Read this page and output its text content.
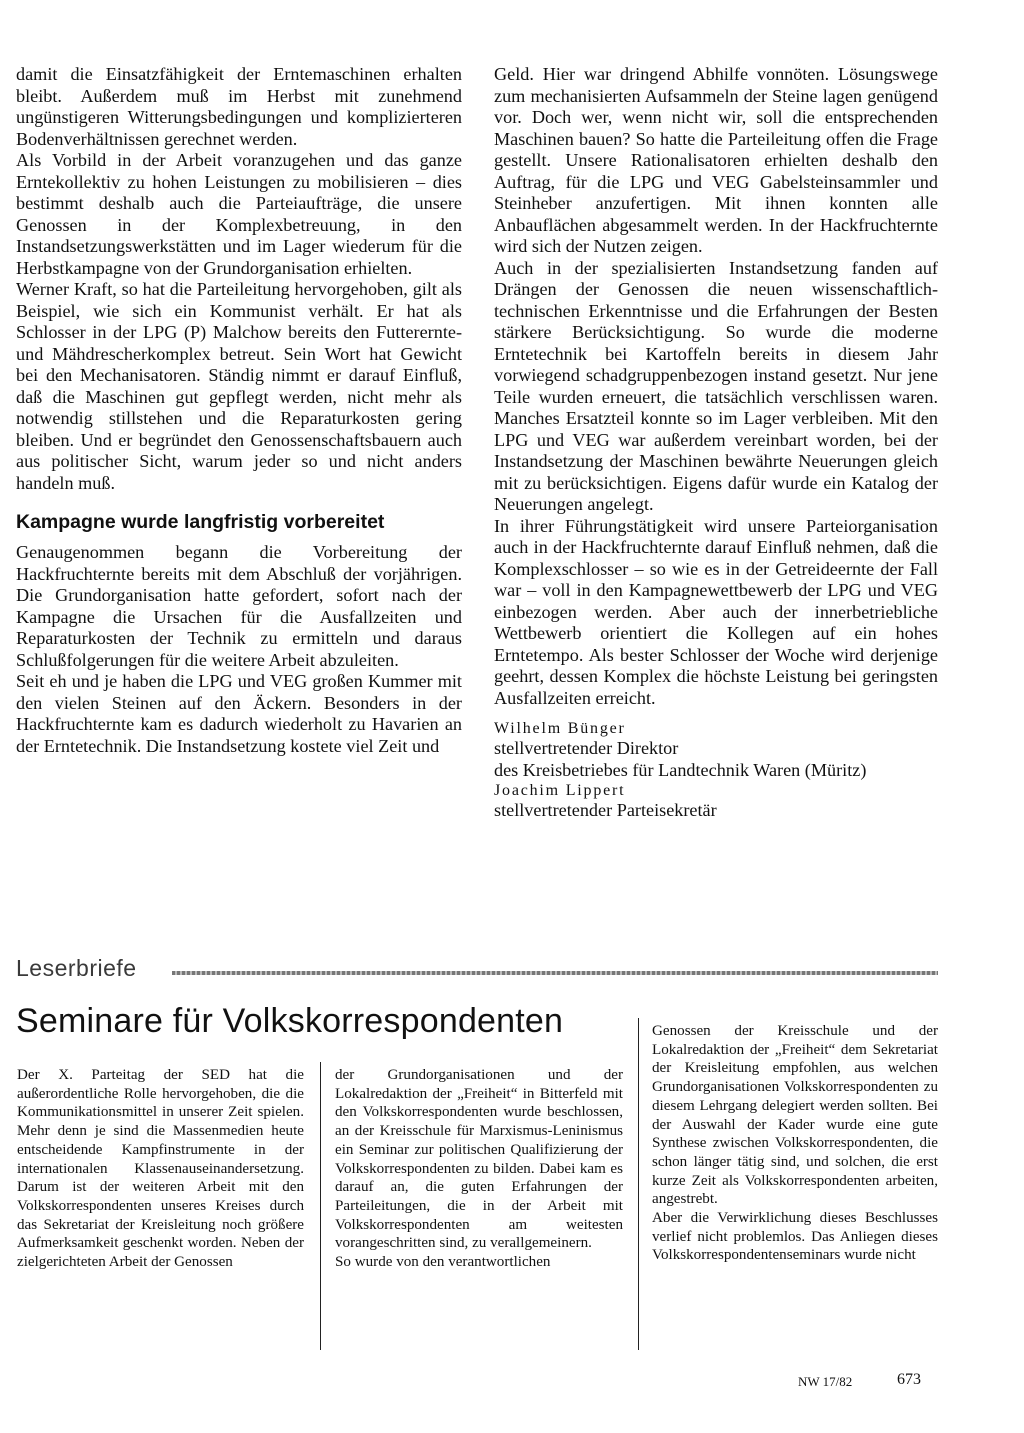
damit die Einsatzfähigkeit der Erntemaschinen erhalten bleibt. Außerdem muß im Herbst mit zunehmend ungünstigeren Witterungsbedingungen und komplizierteren Bodenverhältnissen gerechnet werden.

Als Vorbild in der Arbeit voranzugehen und das ganze Erntekollektiv zu hohen Leistungen zu mobilisieren – dies bestimmt deshalb auch die Parteiaufträge, die unsere Genossen in der Komplexbetreuung, in den Instandsetzungswerkstätten und im Lager wiederum für die Herbstkampagne von der Grundorganisation erhielten.

Werner Kraft, so hat die Parteileitung hervorgehoben, gilt als Beispiel, wie sich ein Kommunist verhält. Er hat als Schlosser in der LPG (P) Malchow bereits den Futterernte- und Mähdrescherkomplex betreut. Sein Wort hat Gewicht bei den Mechanisatoren. Ständig nimmt er darauf Einfluß, daß die Maschinen gut gepflegt werden, nicht mehr als notwendig stillstehen und die Reparaturkosten gering bleiben. Und er begründet den Genossenschaftsbauern auch aus politischer Sicht, warum jeder so und nicht anders handeln muß.

Kampagne wurde langfristig vorbereitet

Genaugenommen begann die Vorbereitung der Hackfruchternte bereits mit dem Abschluß der vorjährigen. Die Grundorganisation hatte gefordert, sofort nach der Kampagne die Ursachen für die Ausfallzeiten und Reparaturkosten der Technik zu ermitteln und daraus Schlußfolgerungen für die weitere Arbeit abzuleiten.

Seit eh und je haben die LPG und VEG großen Kummer mit den vielen Steinen auf den Äckern. Besonders in der Hackfruchternte kam es dadurch wiederholt zu Havarien an der Erntetechnik. Die Instandsetzung kostete viel Zeit und

Geld. Hier war dringend Abhilfe vonnöten. Lösungswege zum mechanisierten Aufsammeln der Steine lagen genügend vor. Doch wer, wenn nicht wir, soll die entsprechenden Maschinen bauen? So hatte die Parteileitung offen die Frage gestellt. Unsere Rationalisatoren erhielten deshalb den Auftrag, für die LPG und VEG Gabelsteinsammler und Steinheber anzufertigen. Mit ihnen konnten alle Anbauflächen abgesammelt werden. In der Hackfruchternte wird sich der Nutzen zeigen.

Auch in der spezialisierten Instandsetzung fanden auf Drängen der Genossen die neuen wissenschaftlich-technischen Erkenntnisse und die Erfahrungen der Besten stärkere Berücksichtigung. So wurde die moderne Erntetechnik bei Kartoffeln bereits in diesem Jahr vorwiegend schadgruppenbezogen instand gesetzt. Nur jene Teile wurden erneuert, die tatsächlich verschlissen waren. Manches Ersatzteil konnte so im Lager verbleiben. Mit den LPG und VEG war außerdem vereinbart worden, bei der Instandsetzung der Maschinen bewährte Neuerungen gleich mit zu berücksichtigen. Eigens dafür wurde ein Katalog der Neuerungen angelegt.

In ihrer Führungstätigkeit wird unsere Parteiorganisation auch in der Hackfruchternte darauf Einfluß nehmen, daß die Komplexschlosser – so wie es in der Getreideernte der Fall war – voll in den Kampagnewettbewerb der LPG und VEG einbezogen werden. Aber auch der innerbetriebliche Wettbewerb orientiert die Kollegen auf ein hohes Erntetempo. Als bester Schlosser der Woche wird derjenige geehrt, dessen Komplex die höchste Leistung bei geringsten Ausfallzeiten erreicht.

Wilhelm Bünger

stellvertretender Direktor

des Kreisbetriebes für Landtechnik Waren (Müritz)

Joachim Lippert

stellvertretender Parteisekretär

Leserbriefe
Seminare für Volkskorrespondenten

Der X. Parteitag der SED hat die außerordentliche Rolle hervorgehoben, die die Kommunikationsmittel in unserer Zeit spielen. Mehr denn je sind die Massenmedien heute entscheidende Kampfinstrumente in der internationalen Klassenauseinandersetzung. Darum ist der weiteren Arbeit mit den Volkskorrespondenten unseres Kreises durch das Sekretariat der Kreisleitung noch größere Aufmerksamkeit geschenkt worden. Neben der zielgerichteten Arbeit der Genossen

der Grundorganisationen und der Lokalredaktion der „Freiheit“ in Bitterfeld mit den Volkskorrespondenten wurde beschlossen, an der Kreisschule für Marxismus-Leninismus ein Seminar zur politischen Qualifizierung der Volkskorrespondenten zu bilden. Dabei kam es darauf an, die guten Erfahrungen der Parteileitungen, die in der Arbeit mit Volkskorrespondenten am weitesten vorangeschritten sind, zu verallgemeinern.

So wurde von den verantwortlichen

Genossen der Kreisschule und der Lokalredaktion der „Freiheit“ dem Sekretariat der Kreisleitung empfohlen, aus welchen Grundorganisationen Volkskorrespondenten zu diesem Lehrgang delegiert werden sollten. Bei der Auswahl der Kader wurde eine gute Synthese zwischen Volkskorrespondenten, die schon länger tätig sind, und solchen, die erst kurze Zeit als Volkskorrespondenten arbeiten, angestrebt.

Aber die Verwirklichung dieses Beschlusses verlief nicht problemlos. Das Anliegen dieses Volkskorrespondentenseminars wurde nicht

NW 17/82	673
